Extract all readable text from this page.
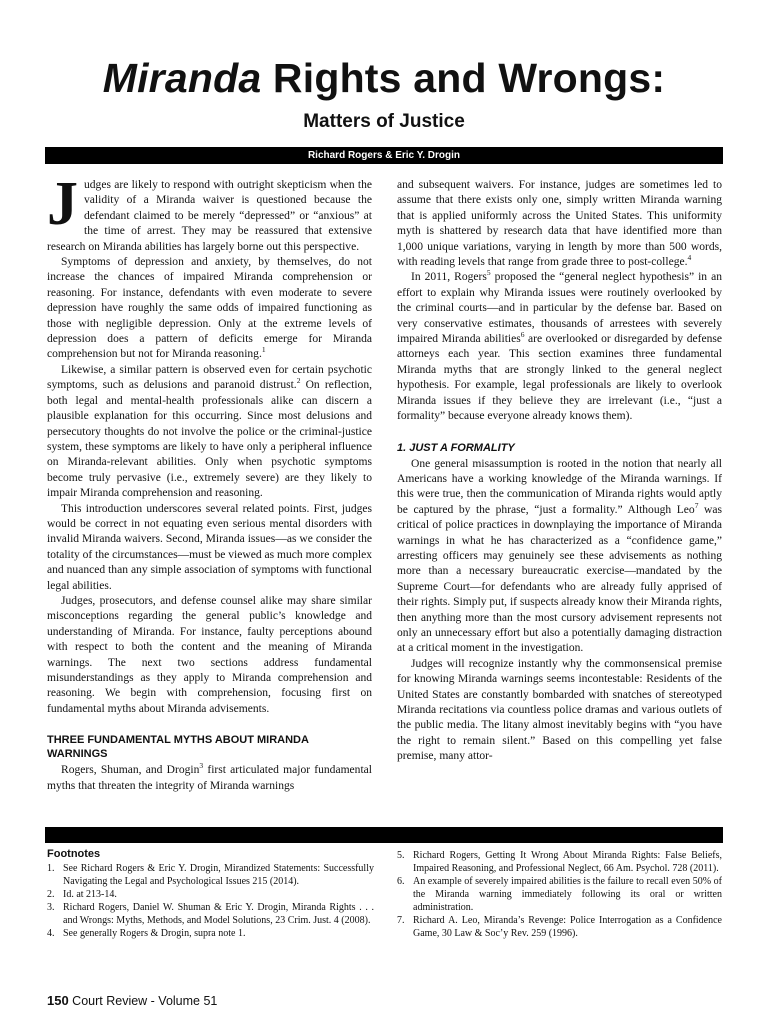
Miranda Rights and Wrongs:
Matters of Justice
Richard Rogers & Eric Y. Drogin

Judges are likely to respond with outright skepticism when the validity of a Miranda waiver is questioned because the defendant claimed to be merely “depressed” or “anxious” at the time of arrest. They may be reassured that extensive research on Miranda abilities has largely borne out this perspective.

Symptoms of depression and anxiety, by themselves, do not increase the chances of impaired Miranda comprehension or reasoning. For instance, defendants with even moderate to severe depression have roughly the same odds of impaired functioning as those with negligible depression. Only at the extreme levels of depression does a pattern of deficits emerge for Miranda comprehension but not for Miranda reasoning.$^1$

Likewise, a similar pattern is observed even for certain psychotic symptoms, such as delusions and paranoid distrust.$^2$ On reflection, both legal and mental-health professionals alike can discern a plausible explanation for this occurring. Since most delusions and persecutory thoughts do not involve the police or the criminal-justice system, these symptoms are likely to have only a peripheral influence on Miranda-relevant abilities. Only when psychotic symptoms become truly pervasive (i.e., extremely severe) are they likely to impair Miranda comprehension and reasoning.

This introduction underscores several related points. First, judges would be correct in not equating even serious mental disorders with invalid Miranda waivers. Second, Miranda issues—as we consider the totality of the circumstances—must be viewed as much more complex and nuanced than any simple association of symptoms with functional legal abilities.

Judges, prosecutors, and defense counsel alike may share similar misconceptions regarding the general public’s knowledge and understanding of Miranda. For instance, faulty perceptions abound with respect to both the content and the meaning of Miranda warnings. The next two sections address fundamental misunderstandings as they apply to Miranda comprehension and reasoning. We begin with comprehension, focusing first on fundamental myths about Miranda advisements.

THREE FUNDAMENTAL MYTHS ABOUT MIRANDA WARNINGS

Rogers, Shuman, and Drogin$^3$ first articulated major fundamental myths that threaten the integrity of Miranda warnings

and subsequent waivers. For instance, judges are sometimes led to assume that there exists only one, simply written Miranda warning that is applied uniformly across the United States. This uniformity myth is shattered by research data that have identified more than 1,000 unique variations, varying in length by more than 500 words, with reading levels that range from grade three to post-college.$^4$

In 2011, Rogers$^5$ proposed the “general neglect hypothesis” in an effort to explain why Miranda issues were routinely overlooked by the criminal courts—and in particular by the defense bar. Based on very conservative estimates, thousands of arrestees with severely impaired Miranda abilities$^6$ are overlooked or disregarded by defense attorneys each year. This section examines three fundamental Miranda myths that are strongly linked to the general neglect hypothesis. For example, legal professionals are likely to overlook Miranda issues if they believe they are irrelevant (i.e., “just a formality” because everyone already knows them).

1. JUST A FORMALITY

One general misassumption is rooted in the notion that nearly all Americans have a working knowledge of the Miranda warnings. If this were true, then the communication of Miranda rights would aptly be captured by the phrase, “just a formality.” Although Leo$^7$ was critical of police practices in downplaying the importance of Miranda warnings in what he has characterized as a “confidence game,” arresting officers may genuinely see these advisements as nothing more than a necessary bureaucratic exercise—mandated by the Supreme Court—for defendants who are already fully apprised of their rights. Simply put, if suspects already know their Miranda rights, then anything more than the most cursory advisement represents not only an unnecessary effort but also a potentially damaging distraction at a critical moment in the investigation.

Judges will recognize instantly why the commonsensical premise for knowing Miranda warnings seems incontestable: Residents of the United States are constantly bombarded with snatches of stereotyped Miranda recitations via countless police dramas and various outlets of the public media. The litany almost inevitably begins with “you have the right to remain silent.” Based on this compelling yet false premise, many attor-

Footnotes
1. See Richard Rogers & Eric Y. Drogin, Mirandized Statements: Successfully Navigating the Legal and Psychological Issues 215 (2014).
2. Id. at 213-14.
3. Richard Rogers, Daniel W. Shuman & Eric Y. Drogin, Miranda Rights . . . and Wrongs: Myths, Methods, and Model Solutions, 23 Crim. Just. 4 (2008).
4. See generally Rogers & Drogin, supra note 1.
5. Richard Rogers, Getting It Wrong About Miranda Rights: False Beliefs, Impaired Reasoning, and Professional Neglect, 66 Am. Psychol. 728 (2011).
6. An example of severely impaired abilities is the failure to recall even 50% of the Miranda warning immediately following its oral or written administration.
7. Richard A. Leo, Miranda’s Revenge: Police Interrogation as a Confidence Game, 30 Law & Soc’y Rev. 259 (1996).
150 Court Review - Volume 51
